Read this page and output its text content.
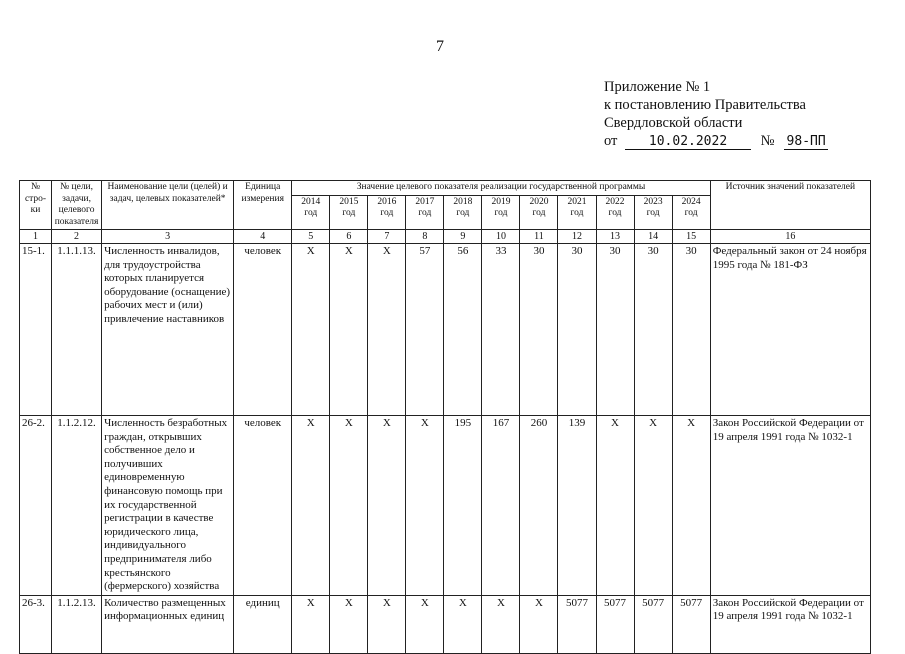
7
Приложение № 1
к постановлению Правительства
Свердловской области
от 10.02.2022 № 98-ПП
№ стро- ки	№ цели, задачи, целевого показателя	Наименование цели (целей) и задач, целевых показателей*	Единица измерения	Значение целевого показателя реализации государственной программы											Источник значений показателей
				2014 год	2015 год	2016 год	2017 год	2018 год	2019 год	2020 год	2021 год	2022 год	2023 год	2024 год	
1	2	3	4	5	6	7	8	9	10	11	12	13	14	15	16
15-1.	1.1.1.13.	Численность инвалидов, для трудоустройства которых планируется оборудование (оснащение) рабочих мест и (или) привлечение наставников	человек	X	X	X	57	56	33	30	30	30	30	30	Федеральный закон от 24 ноября 1995 года № 181-ФЗ
26-2.	1.1.2.12.	Численность безработных граждан, открывших собственное дело и получивших единовременную финансовую помощь при их государственной регистрации в качестве юридического лица, индивидуального предпринимателя либо крестьянского (фермерского) хозяйства	человек	X	X	X	X	195	167	260	139	X	X	X	Закон Российской Федерации от 19 апреля 1991 года № 1032-1
26-3.	1.1.2.13.	Количество размещенных информационных единиц	единиц	X	X	X	X	X	X	X	5077	5077	5077	5077	Закон Российской Федерации от 19 апреля 1991 года № 1032-1
